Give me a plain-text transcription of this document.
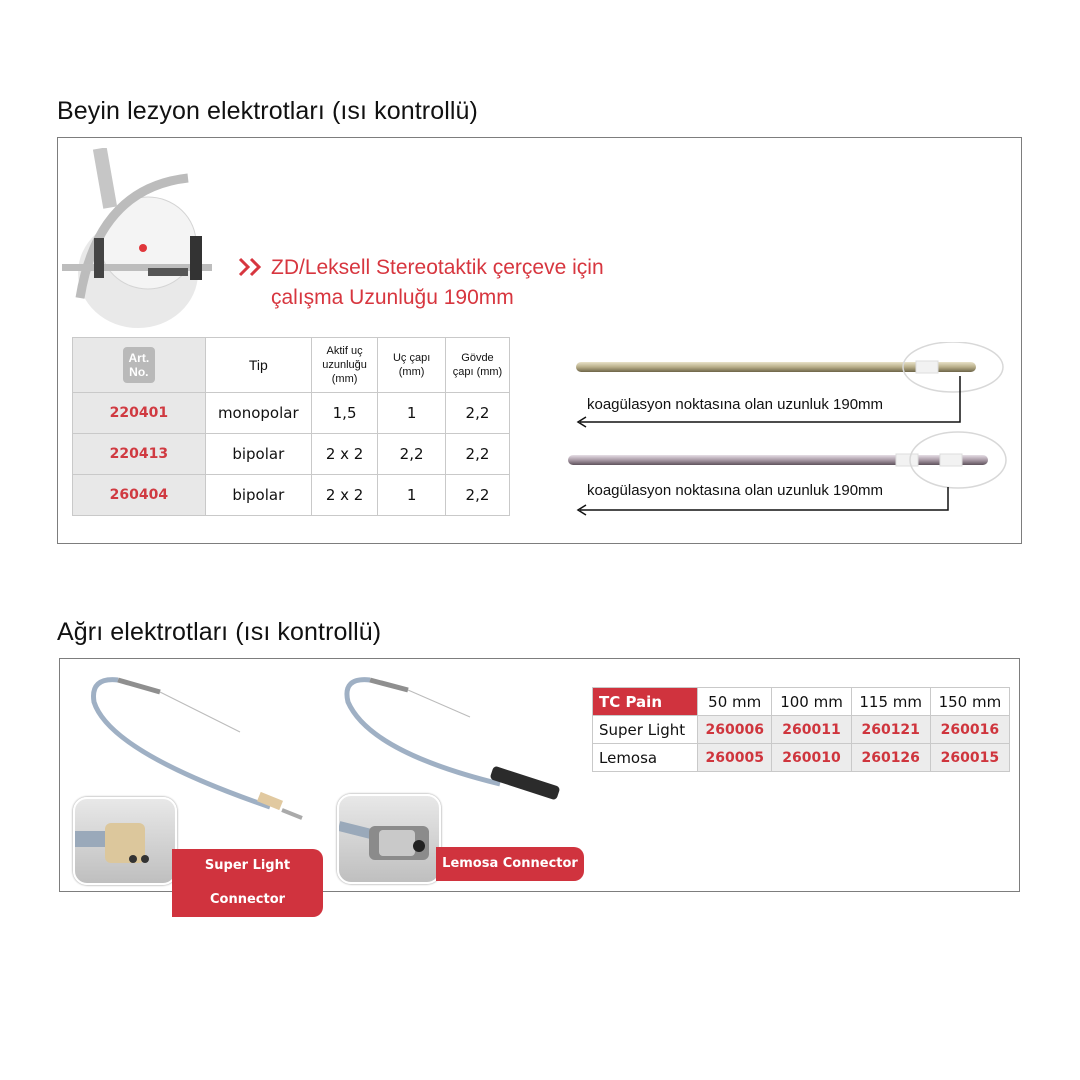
Beyin lezyon elektrotları (ısı kontrollü)
ZD/Leksell Stereotaktik çerçeve için
çalışma Uzunluğu 190mm
Art.
No.	Tip	Aktif uç
uzunluğu
(mm)	Uç çapı
(mm)	Gövde
çapı (mm)
220401	monopolar	1,5	1	2,2
220413	bipolar	2 x 2	2,2	2,2
260404	bipolar	2 x 2	1	2,2
koagülasyon noktasına olan uzunluk 190mm
koagülasyon noktasına olan uzunluk 190mm
Ağrı elektrotları (ısı kontrollü)
Super Light Connector
Lemosa Connector
TC Pain	50 mm	100 mm	115 mm	150 mm
Super Light	260006	260011	260121	260016
Lemosa	260005	260010	260126	260015
